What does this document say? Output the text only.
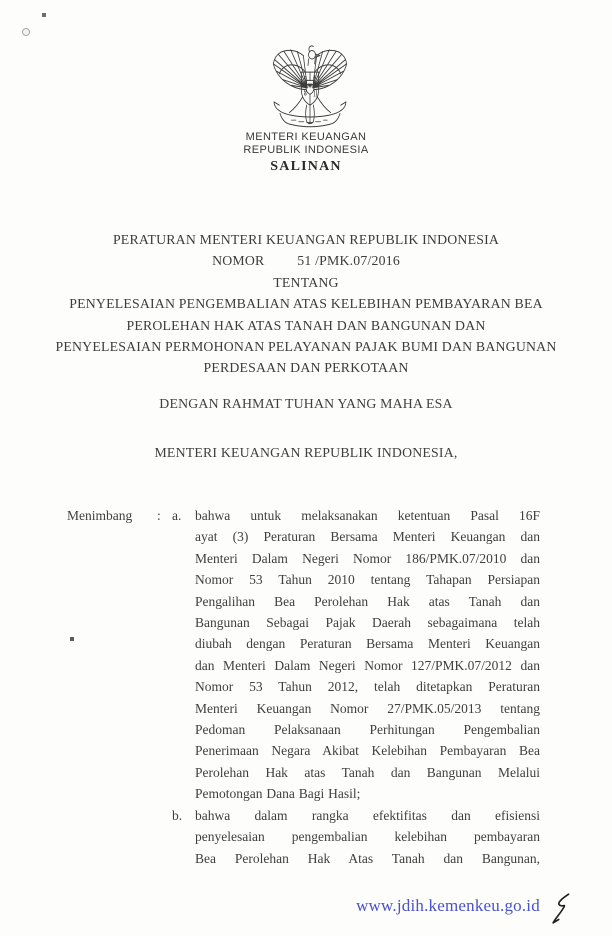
MENTERI KEUANGAN
REPUBLIK INDONESIA
SALINAN
PERATURAN MENTERI KEUANGAN REPUBLIK INDONESIA
NOMOR         51 /PMK.07/2016
TENTANG
PENYELESAIAN PENGEMBALIAN ATAS KELEBIHAN PEMBAYARAN BEA
PEROLEHAN HAK ATAS TANAH DAN BANGUNAN DAN
PENYELESAIAN PERMOHONAN PELAYANAN PAJAK BUMI DAN BANGUNAN
PERDESAAN DAN PERKOTAAN
DENGAN RAHMAT TUHAN YANG MAHA ESA
MENTERI KEUANGAN REPUBLIK INDONESIA,
Menimbang : a.	bahwa untuk melaksanakan ketentuan Pasal 16F
ayat (3) Peraturan Bersama Menteri Keuangan dan
Menteri Dalam Negeri Nomor 186/PMK.07/2010 dan
Nomor 53 Tahun 2010 tentang Tahapan Persiapan
Pengalihan Bea Perolehan Hak atas Tanah dan
Bangunan Sebagai Pajak Daerah sebagaimana telah
diubah dengan Peraturan Bersama Menteri Keuangan
dan Menteri Dalam Negeri Nomor 127/PMK.07/2012 dan
Nomor 53 Tahun 2012, telah ditetapkan Peraturan
Menteri Keuangan Nomor 27/PMK.05/2013 tentang
Pedoman Pelaksanaan Perhitungan Pengembalian
Penerimaan Negara Akibat Kelebihan Pembayaran Bea
Perolehan Hak atas Tanah dan Bangunan Melalui
Pemotongan Dana Bagi Hasil;
b. bahwa dalam rangka efektifitas dan efisiensi
penyelesaian pengembalian kelebihan pembayaran
Bea Perolehan Hak Atas Tanah dan Bangunan,
www.jdih.kemenkeu.go.id
